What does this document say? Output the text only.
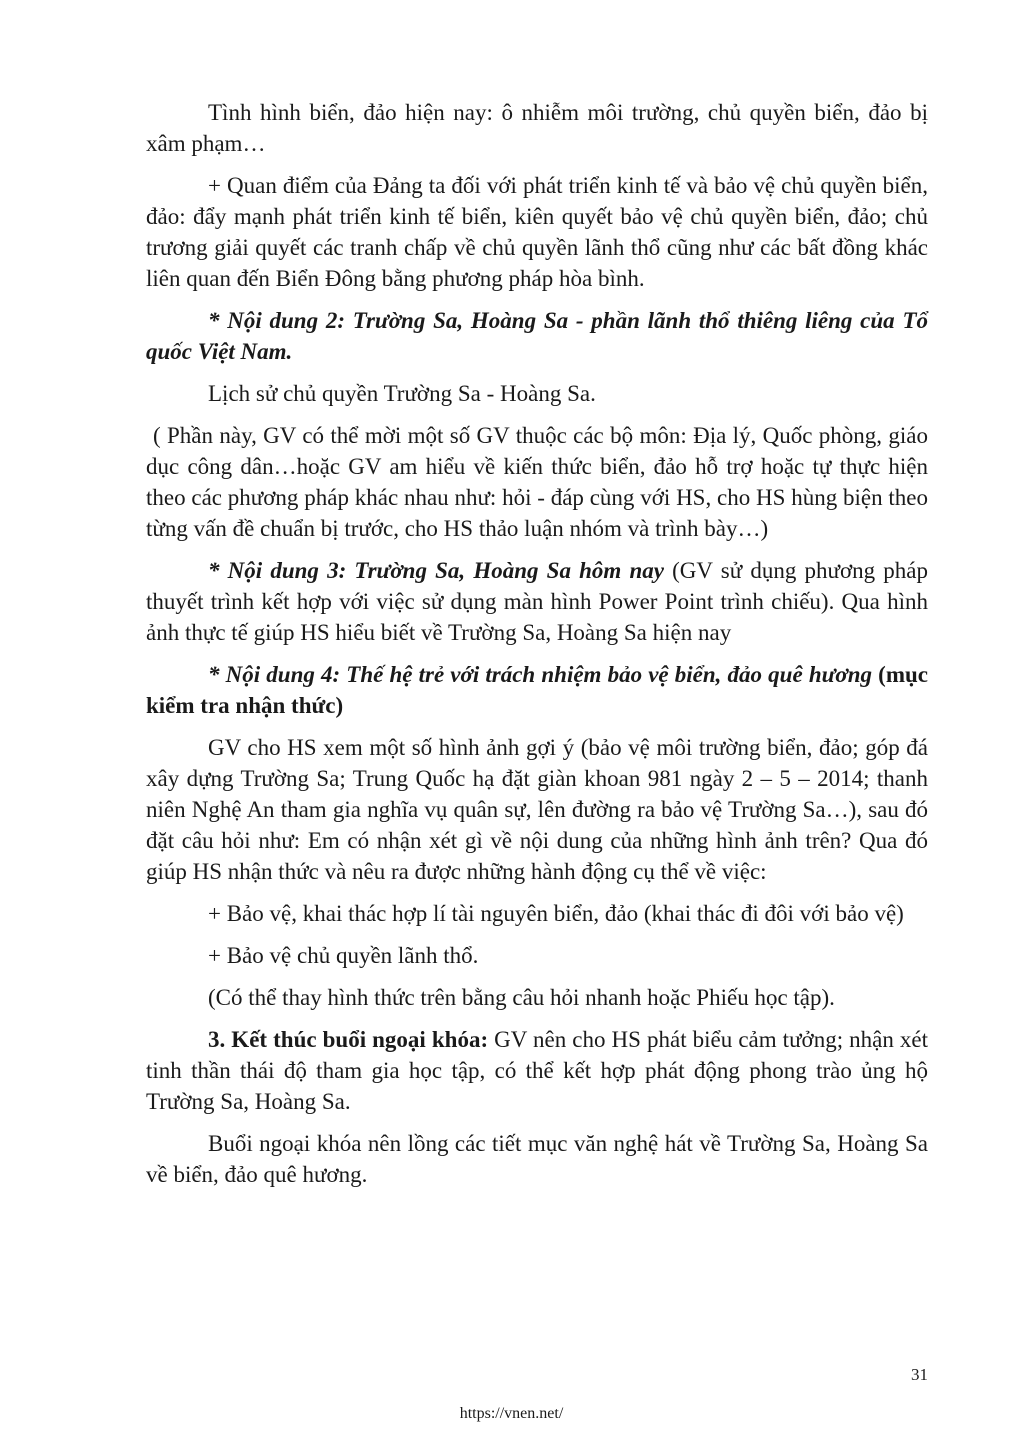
Tình hình biển, đảo hiện nay: ô nhiễm môi trường, chủ quyền biển, đảo bị xâm phạm…

+ Quan điểm của Đảng ta đối với phát triển kinh tế và bảo vệ chủ quyền biển, đảo: đẩy mạnh phát triển kinh tế biển, kiên quyết bảo vệ chủ quyền biển, đảo; chủ trương giải quyết các tranh chấp về chủ quyền lãnh thổ cũng như các bất đồng khác liên quan đến Biển Đông bằng phương pháp hòa bình.

* Nội dung 2: Trường Sa, Hoàng Sa - phần lãnh thổ thiêng liêng của Tổ quốc Việt Nam.

Lịch sử chủ quyền Trường Sa - Hoàng Sa.

( Phần này, GV có thể mời một số GV thuộc các bộ môn: Địa lý, Quốc phòng, giáo dục công dân…hoặc GV am hiểu về kiến thức biển, đảo hỗ trợ hoặc tự thực hiện theo các phương pháp khác nhau như: hỏi - đáp cùng với HS, cho HS hùng biện theo từng vấn đề chuẩn bị trước, cho HS thảo luận nhóm và trình bày…)

* Nội dung 3: Trường Sa, Hoàng Sa hôm nay (GV sử dụng phương pháp thuyết trình kết hợp với việc sử dụng màn hình Power Point trình chiếu). Qua hình ảnh thực tế giúp HS hiểu biết về Trường Sa, Hoàng Sa hiện nay

* Nội dung 4: Thế hệ trẻ với trách nhiệm bảo vệ biển, đảo quê hương (mục kiểm tra nhận thức)

GV cho HS xem một số hình ảnh gợi ý (bảo vệ môi trường biển, đảo; góp đá xây dựng Trường Sa; Trung Quốc hạ đặt giàn khoan 981 ngày 2 – 5 – 2014; thanh niên Nghệ An tham gia nghĩa vụ quân sự, lên đường ra bảo vệ Trường Sa…), sau đó đặt câu hỏi như: Em có nhận xét gì về nội dung của những hình ảnh trên? Qua đó giúp HS nhận thức và nêu ra được những hành động cụ thể về việc:

+ Bảo vệ, khai thác hợp lí tài nguyên biển, đảo (khai thác đi đôi với bảo vệ)

+ Bảo vệ chủ quyền lãnh thổ.

(Có thể thay hình thức trên bằng câu hỏi nhanh hoặc Phiếu học tập).

3. Kết thúc buổi ngoại khóa: GV nên cho HS phát biểu cảm tưởng; nhận xét tinh thần thái độ tham gia học tập, có thể kết hợp phát động phong trào ủng hộ Trường Sa, Hoàng Sa.

Buổi ngoại khóa nên lồng các tiết mục văn nghệ hát về Trường Sa, Hoàng Sa về biển, đảo quê hương.

31
https://vnen.net/
